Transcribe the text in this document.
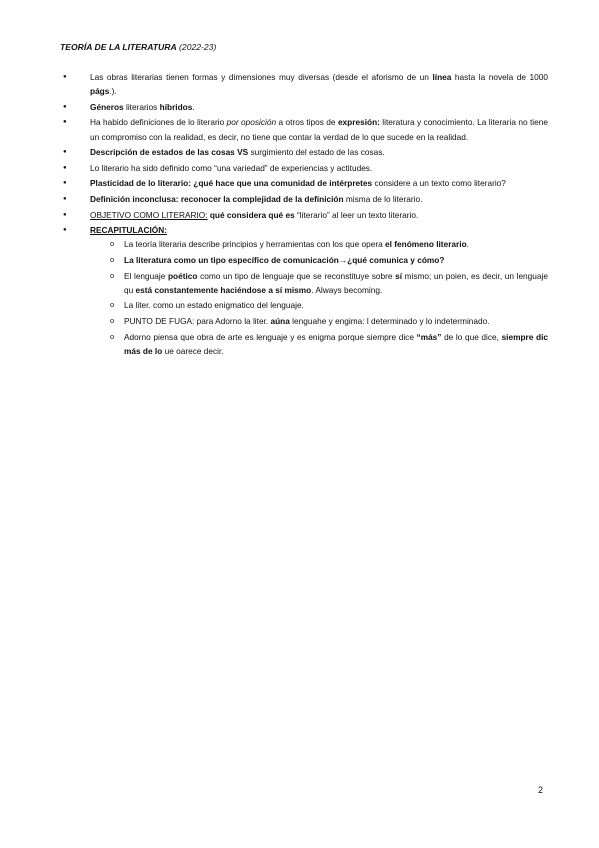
TEORÍA DE LA LITERATURA (2022-23)
● Las obras literarias tienen formas y dimensiones muy diversas (desde el aforismo de un línea hasta la novela de 1000 págs.).
● Géneros literarios híbridos.
● Ha habido definiciones de lo literario por oposición a otros tipos de expresión: literatura y conocimiento. La literaria no tiene un compromiso con la realidad, es decir, no tiene que contar la verdad de lo que sucede en la realidad.
● Descripción de estados de las cosas VS surgimiento del estado de las cosas.
● Lo literario ha sido definido como “una variedad” de experiencias y actitudes.
● Plasticidad de lo literario: ¿qué hace que una comunidad de intérpretes considere a un texto como literario?
● Definición inconclusa: reconocer la complejidad de la definición misma de lo literario.
● OBJETIVO COMO LITERARIO: qué considera qué es “literario” al leer un texto literario.
● RECAPITULACIÓN:
o La teoría literaria describe principios y herramientas con los que opera el fenómeno literario.
o La literatura como un tipo específico de comunicación→¿qué comunica y cómo?
o El lenguaje poético como un tipo de lenguaje que se reconstituye sobre sí mismo; un poien, es decir, un lenguaje qu está constantemente haciéndose a sí mismo. Always becoming.
o La liter. como un estado enigmatico del lenguaje.
o PUNTO DE FUGA: para Adorno la liter. aúna lenguahe y engima: l determinado y lo indeterminado.
o Adorno piensa que obra de arte es lenguaje y es enigma porque siempre dice “más” de lo que dice, siempre dic más de lo ue oarece decir.
2
